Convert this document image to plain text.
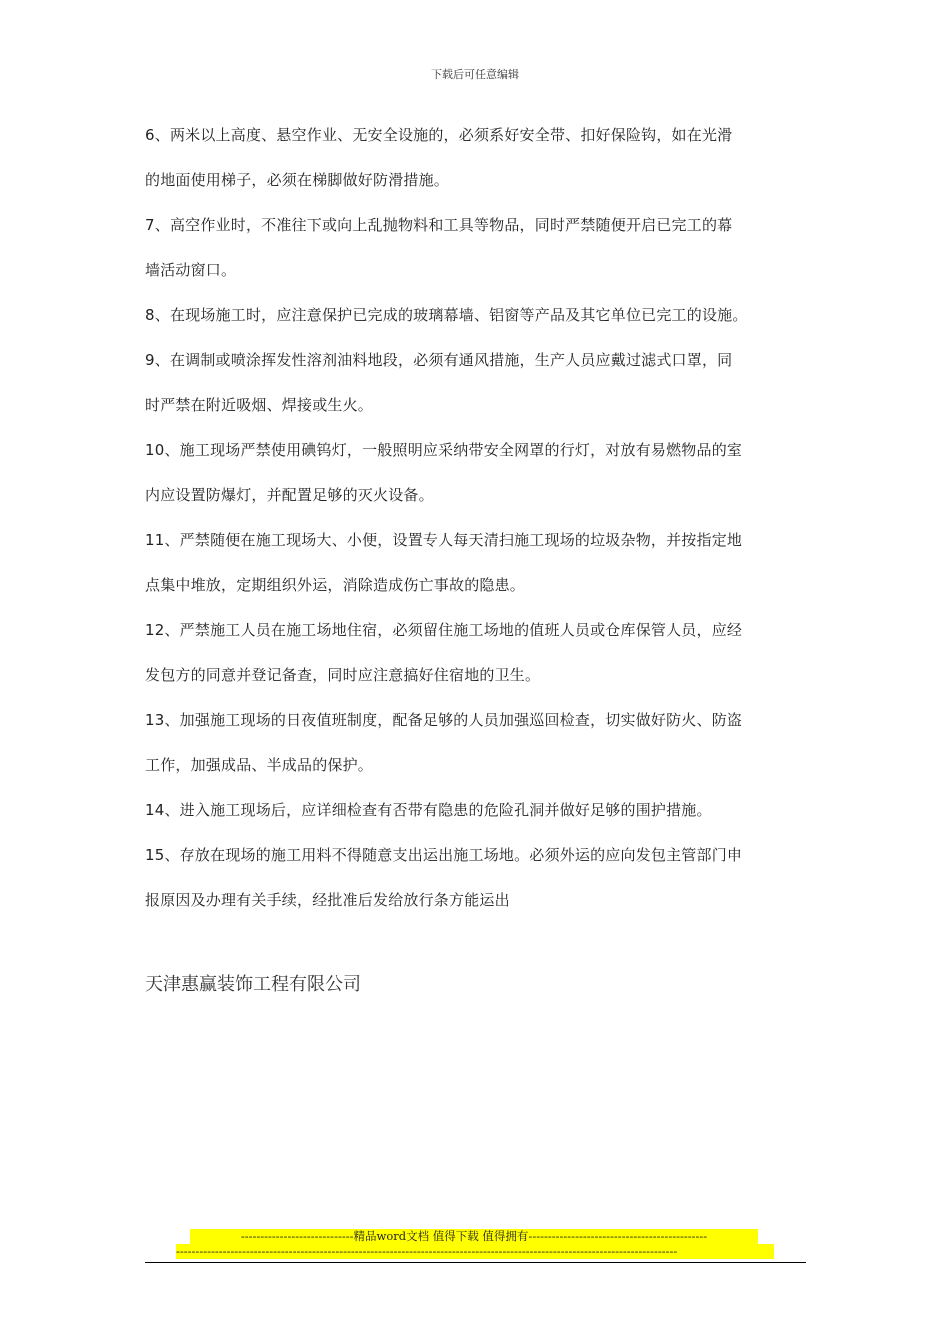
下载后可任意编辑

6、两米以上高度、悬空作业、无安全设施的，必须系好安全带、扣好保险钩，如在光滑
的地面使用梯子，必须在梯脚做好防滑措施。

7、高空作业时，不准往下或向上乱抛物料和工具等物品，同时严禁随便开启已完工的幕
墙活动窗口。

8、在现场施工时，应注意保护已完成的玻璃幕墙、铝窗等产品及其它单位已完工的设施。

9、在调制或喷涂挥发性溶剂油料地段，必须有通风措施，生产人员应戴过滤式口罩，同
时严禁在附近吸烟、焊接或生火。

10、施工现场严禁使用碘钨灯，一般照明应采纳带安全网罩的行灯，对放有易燃物品的室
内应设置防爆灯，并配置足够的灭火设备。

11、严禁随便在施工现场大、小便，设置专人每天清扫施工现场的垃圾杂物，并按指定地
点集中堆放，定期组织外运，消除造成伤亡事故的隐患。

12、严禁施工人员在施工场地住宿，必须留住施工场地的值班人员或仓库保管人员，应经
发包方的同意并登记备查，同时应注意搞好住宿地的卫生。

13、加强施工现场的日夜值班制度，配备足够的人员加强巡回检查，切实做好防火、防盗
工作，加强成品、半成品的保护。

14、进入施工现场后，应详细检查有否带有隐患的危险孔洞并做好足够的围护措施。

15、存放在现场的施工用料不得随意支出运出施工场地。必须外运的应向发包主管部门申
报原因及办理有关手续，经批准后发给放行条方能运出

天津惠赢装饰工程有限公司
-----------------------------精品word文档 值得下载 值得拥有----------------------------------------------
---------------------------------------------------------------------------------------------------------------------------------
